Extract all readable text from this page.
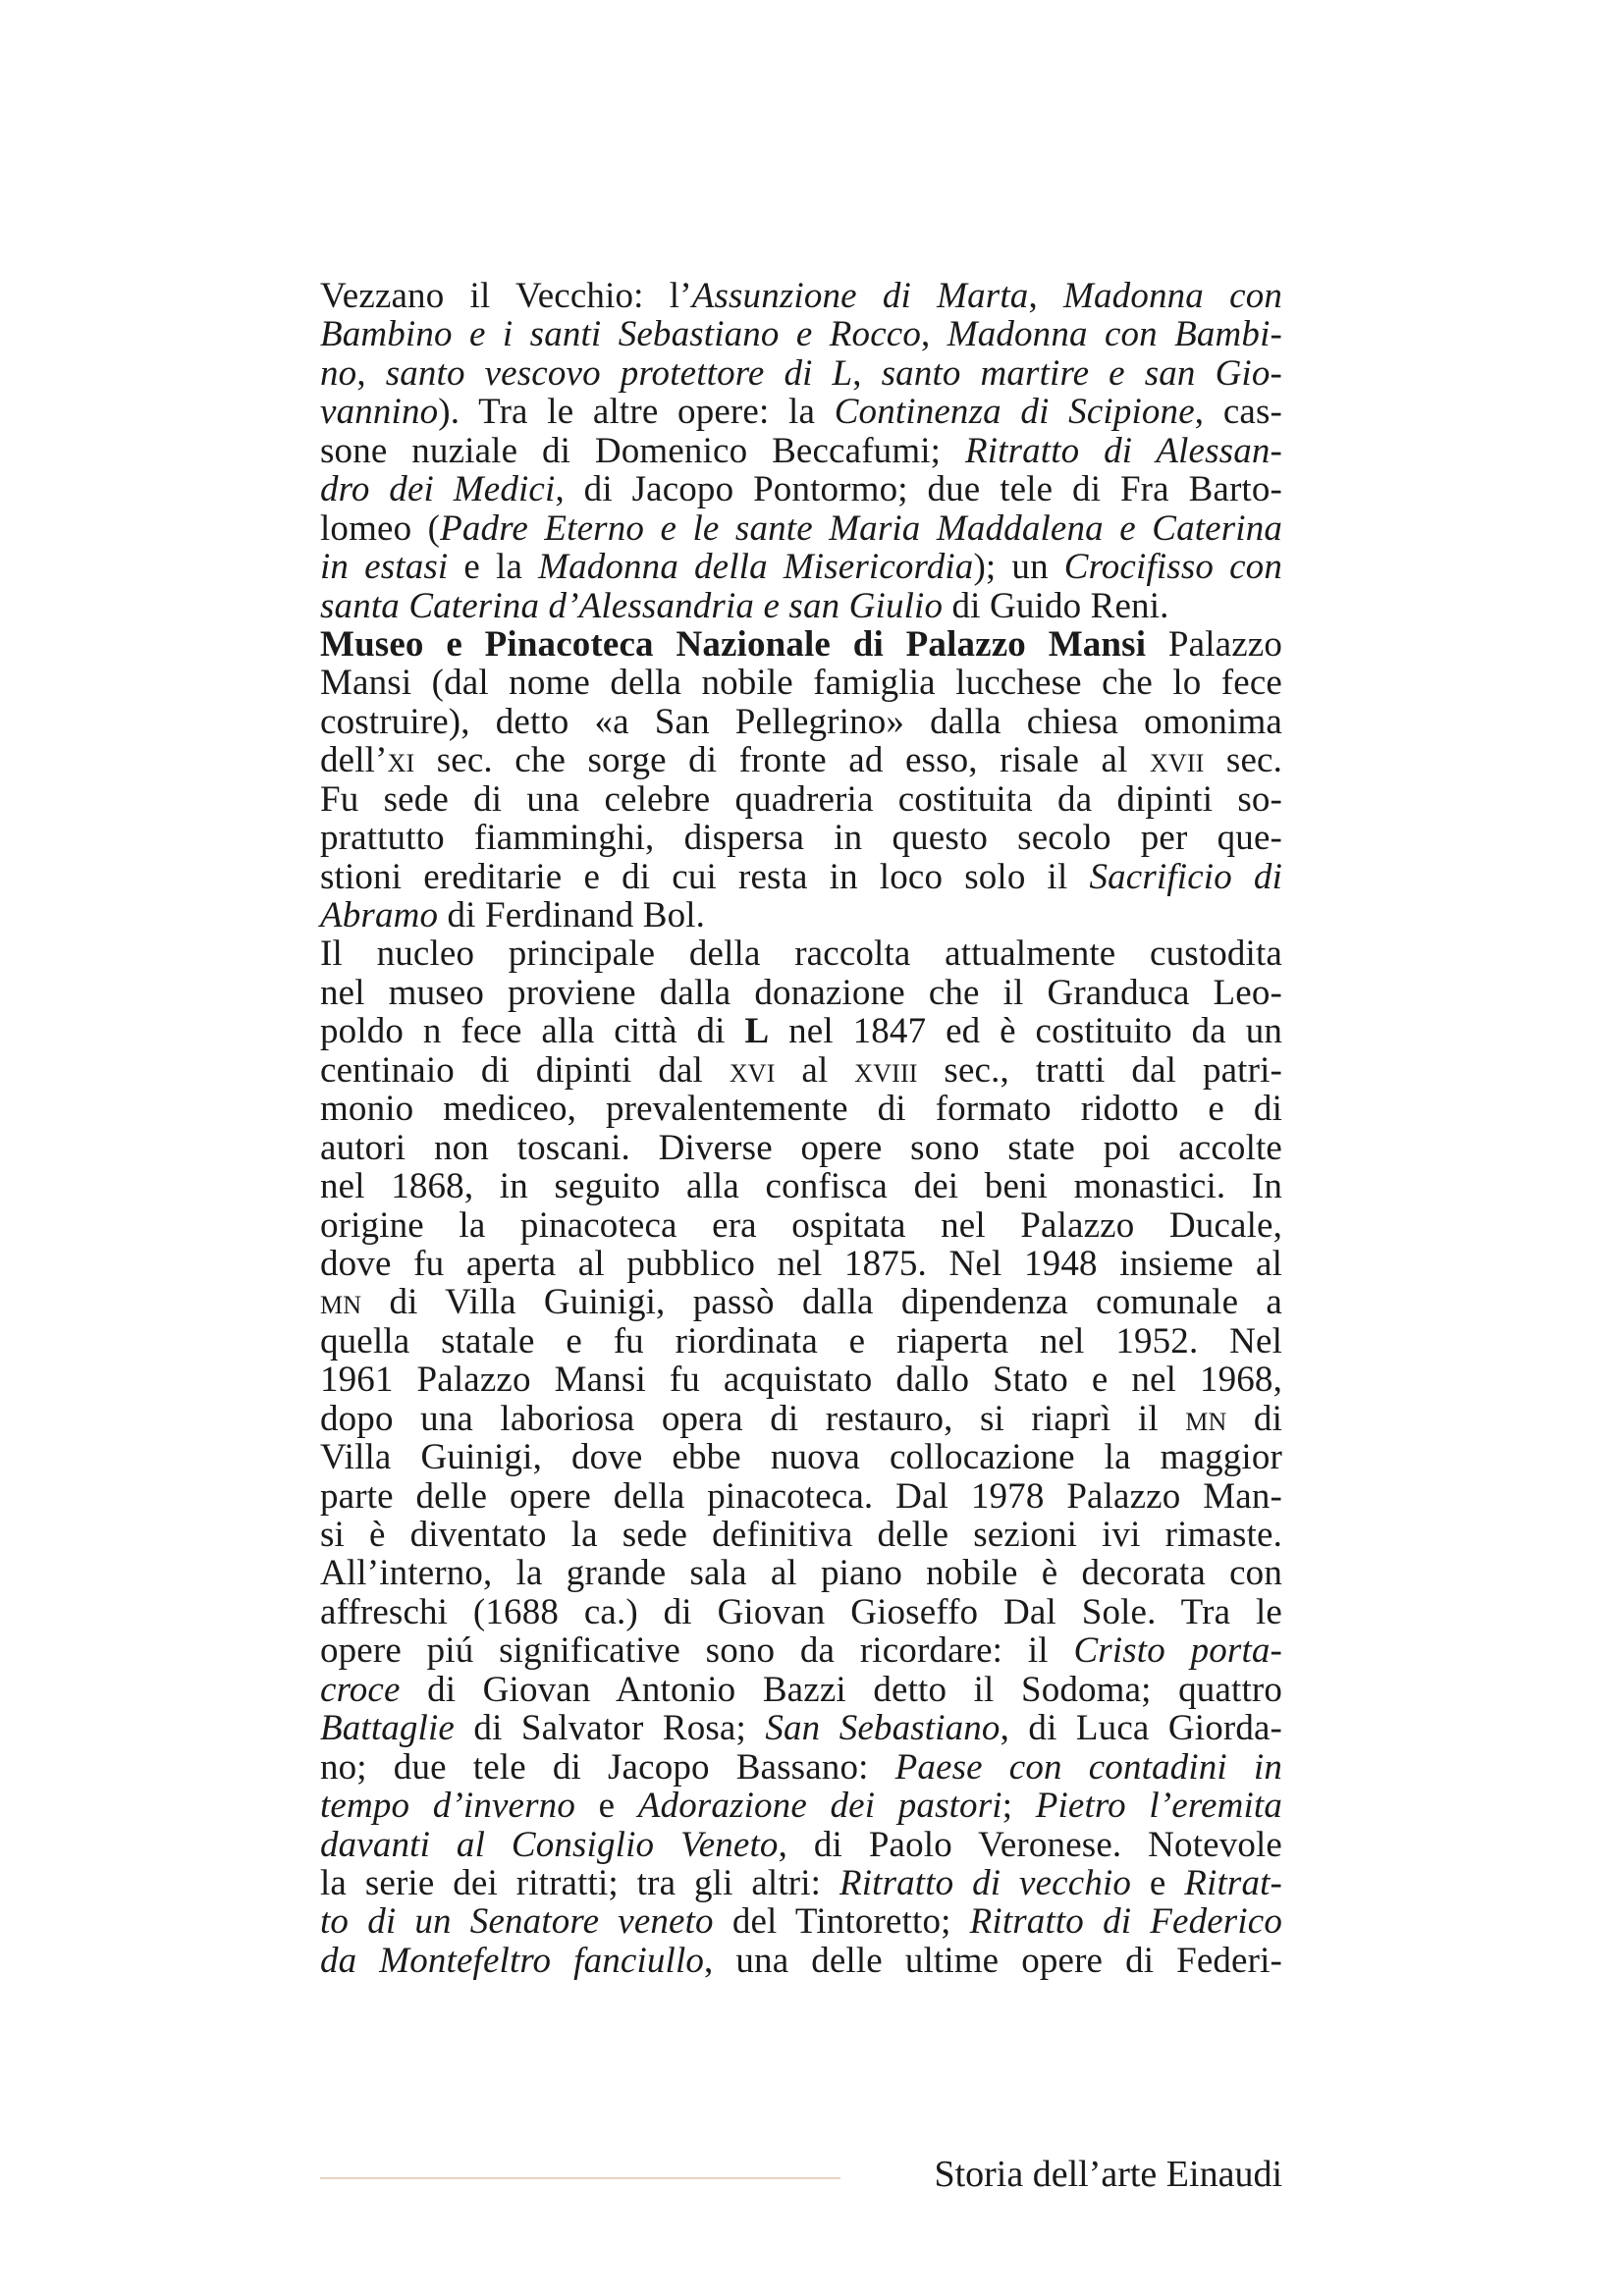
Vezzano il Vecchio: l’Assunzione di Marta, Madonna con
Bambino e i santi Sebastiano e Rocco, Madonna con Bambi-
no, santo vescovo protettore di L, santo martire e san Gio-
vannino). Tra le altre opere: la Continenza di Scipione, cas-
sone nuziale di Domenico Beccafumi; Ritratto di Alessan-
dro dei Medici, di Jacopo Pontormo; due tele di Fra Barto-
lomeo (Padre Eterno e le sante Maria Maddalena e Caterina
in estasi e la Madonna della Misericordia); un Crocifisso con
santa Caterina d’Alessandria e san Giulio di Guido Reni.
Museo e Pinacoteca Nazionale di Palazzo Mansi Palazzo
Mansi (dal nome della nobile famiglia lucchese che lo fece
costruire), detto «a San Pellegrino» dalla chiesa omonima
dell’xi sec. che sorge di fronte ad esso, risale al xvii sec.
Fu sede di una celebre quadreria costituita da dipinti so-
prattutto fiamminghi, dispersa in questo secolo per que-
stioni ereditarie e di cui resta in loco solo il Sacrificio di
Abramo di Ferdinand Bol.
Il nucleo principale della raccolta attualmente custodita
nel museo proviene dalla donazione che il Granduca Leo-
poldo n fece alla città di L nel 1847 ed è costituito da un
centinaio di dipinti dal xvi al xviii sec., tratti dal patri-
monio mediceo, prevalentemente di formato ridotto e di
autori non toscani. Diverse opere sono state poi accolte
nel 1868, in seguito alla confisca dei beni monastici. In
origine la pinacoteca era ospitata nel Palazzo Ducale,
dove fu aperta al pubblico nel 1875. Nel 1948 insieme al
mn di Villa Guinigi, passò dalla dipendenza comunale a
quella statale e fu riordinata e riaperta nel 1952. Nel
1961 Palazzo Mansi fu acquistato dallo Stato e nel 1968,
dopo una laboriosa opera di restauro, si riaprì il mn di
Villa Guinigi, dove ebbe nuova collocazione la maggior
parte delle opere della pinacoteca. Dal 1978 Palazzo Man-
si è diventato la sede definitiva delle sezioni ivi rimaste.
All’interno, la grande sala al piano nobile è decorata con
affreschi (1688 ca.) di Giovan Gioseffo Dal Sole. Tra le
opere piú significative sono da ricordare: il Cristo porta-
croce di Giovan Antonio Bazzi detto il Sodoma; quattro
Battaglie di Salvator Rosa; San Sebastiano, di Luca Giorda-
no; due tele di Jacopo Bassano: Paese con contadini in
tempo d’inverno e Adorazione dei pastori; Pietro l’eremita
davanti al Consiglio Veneto, di Paolo Veronese. Notevole
la serie dei ritratti; tra gli altri: Ritratto di vecchio e Ritrat-
to di un Senatore veneto del Tintoretto; Ritratto di Federico
da Montefeltro fanciullo, una delle ultime opere di Federi-
Storia dell’arte Einaudi
